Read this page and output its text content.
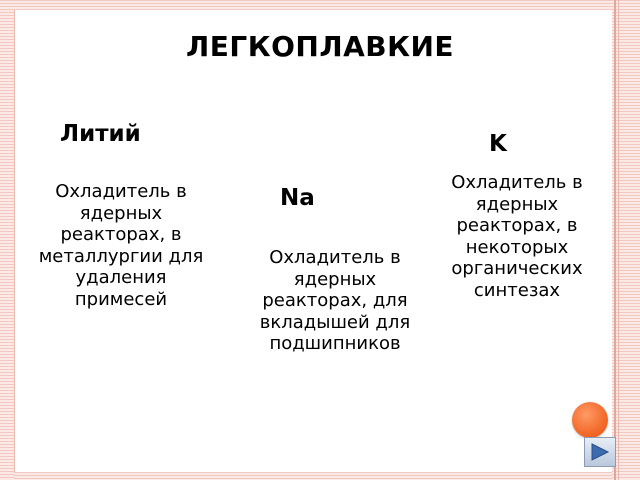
ЛЕГКОПЛАВКИЕ
Литий
Охладитель в ядерных реакторах, в металлургии для удаления примесей
Na
Охладитель в ядерных реакторах, для вкладышей для подшипников
K
Охладитель в ядерных реакторах, в некоторых органических синтезах
